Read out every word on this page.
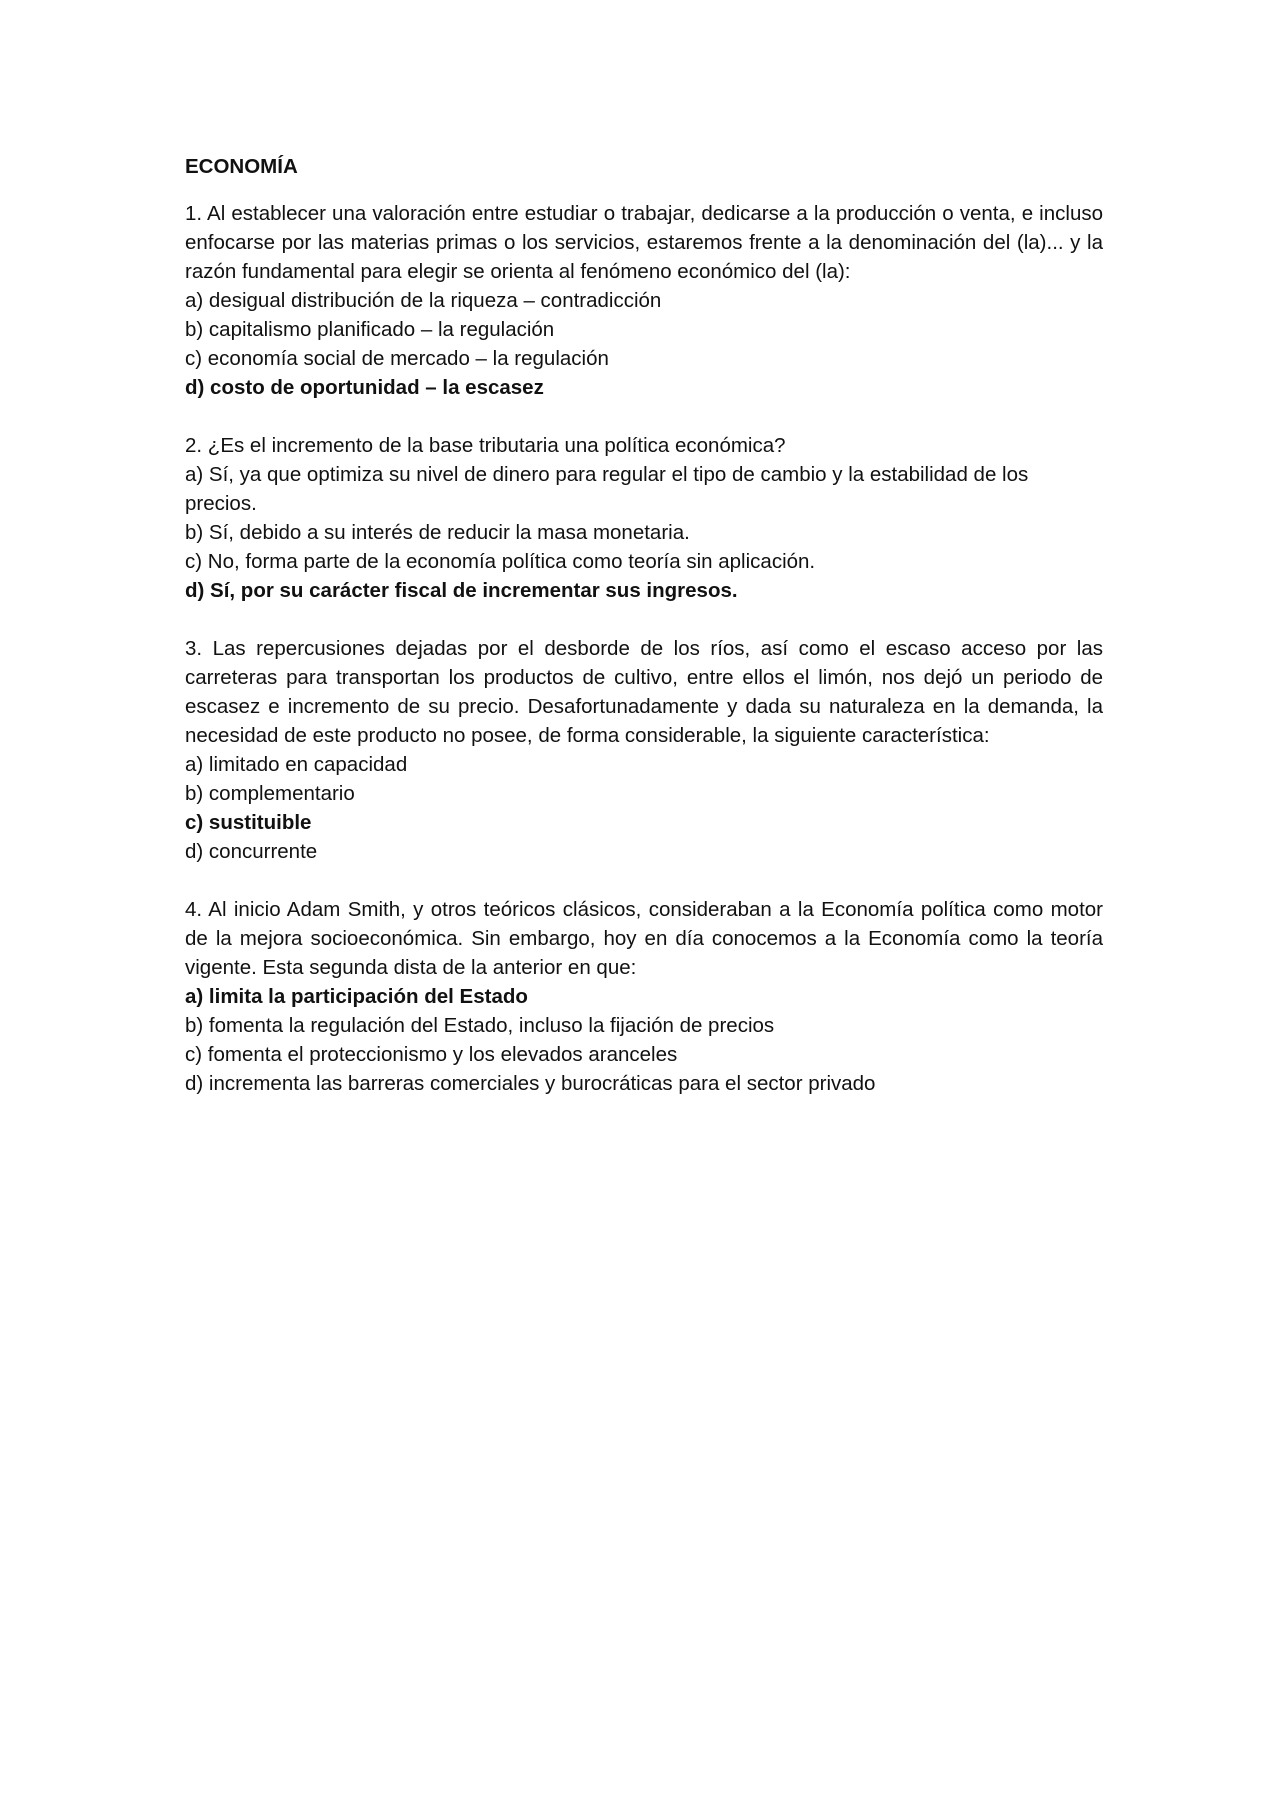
ECONOMÍA

1. Al establecer una valoración entre estudiar o trabajar, dedicarse a la producción o venta, e incluso enfocarse por las materias primas o los servicios, estaremos frente a la denominación del (la)... y la razón fundamental para elegir se orienta al fenómeno económico del (la):

a) desigual distribución de la riqueza – contradicción

b) capitalismo planificado – la regulación

c) economía social de mercado – la regulación

d) costo de oportunidad – la escasez

2. ¿Es el incremento de la base tributaria una política económica?

a) Sí, ya que optimiza su nivel de dinero para regular el tipo de cambio y la estabilidad de los precios.

b) Sí, debido a su interés de reducir la masa monetaria.

c) No, forma parte de la economía política como teoría sin aplicación.

d) Sí, por su carácter fiscal de incrementar sus ingresos.

3. Las repercusiones dejadas por el desborde de los ríos, así como el escaso acceso por las carreteras para transportan los productos de cultivo, entre ellos el limón, nos dejó un periodo de escasez e incremento de su precio. Desafortunadamente y dada su naturaleza en la demanda, la necesidad de este producto no posee, de forma considerable, la siguiente característica:

a) limitado en capacidad

b) complementario

c) sustituible

d) concurrente

4. Al inicio Adam Smith, y otros teóricos clásicos, consideraban a la Economía política como motor de la mejora socioeconómica. Sin embargo, hoy en día conocemos a la Economía como la teoría vigente. Esta segunda dista de la anterior en que:

a) limita la participación del Estado

b) fomenta la regulación del Estado, incluso la fijación de precios

c) fomenta el proteccionismo y los elevados aranceles

d) incrementa las barreras comerciales y burocráticas para el sector privado
